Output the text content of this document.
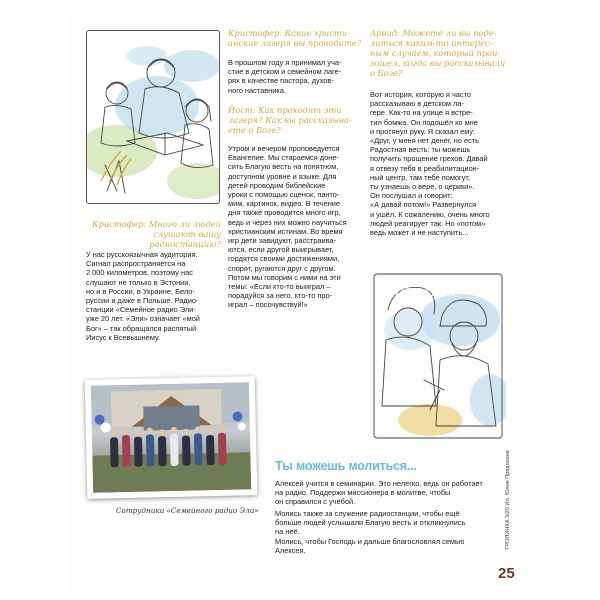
Кристофер: Много ли людей
слушают вашу радиостанцию?
У нас русскоязычная аудитория.
Сигнал распространяется на
2 000 километров, поэтому нас
слушают не только в Эстонии,
но и в России, в Украине, Бело-
руссии и даже в Польше. Радио-
станции «Семейное радио Эли-
уже 20 лет. «Эли» означает «мой
Бог» – так обращался распятый
Иисус к Всевышнему.
Кристофер: Какие христи-
анские лагеря вы проводите?
В прошлом году я принимал уча-
стие в детском и семейном лаге-
рях в качестве пастора, духов-
ного наставника.
Йост: Как проходят эти
лагеря? Как вы рассказыва-
ете о Боге?
Утром и вечером проповедуется
Евангелие. Мы стараемся доне-
сить Благую весть на понятном,
доступном уровне и языке. Для
детей проводим библейские
уроки с помощью сценок, панто-
мим, картинок, видео. В течение
дня также проводится много игр,
ведь и через них можно научиться
христианским истинам. Во время
игр дети завидуют, расстраива-
ются, если другой выигрывает,
гордятся своими достижениями,
спорят, ругаются друг с другом.
Потом мы говорим с ними на эти
темы: «Если кто-то выиграл –
порадуйся за него, кто-то про-
играл – посочувствуй!»
Арвид: Можете ли вы поде-
литься каким-то интерес-
ным случаем, который прои-
зошел, когда вы рассказывали
о Боге?
Вот история, которую я часто
рассказываю в детском ла-
гере. Как-то на улице я встре-
тил бомжа. Он подошёл ко мне
и протянул руку. Я сказал ему:
«Друг, у меня нет денег, но есть
Радостная весть: ты можешь
получить прощение грехов. Давай
я отвезу тебя в реабилитацион-
ный центр, там тебе помогут,
ты узнаешь о вере, о церкви».
Он послушал и говорит:
«А давай потом!» Развернулся
и ушёл. К сожалению, очень много
людей реагирует так. Но «потом»
ведь может и не наступить...
Сотрудники «Семейного радио Эли»
Ты можешь молиться...
Алексей учится в семинарии. Это нелегко, ведь он работает
на радио. Поддержи миссионера в молитве, чтобы
он справился с учёбой.
Молись также за служение радиостанции, чтобы ещё
больше людей услышали Благую весть и откликнулись
на неё.
Молись, чтобы Господь и дальше благословлял семью
Алексея.
ТРОПИНКА 3/20 Ил. Юлия Прядохина
DIRECTBOOK
25
